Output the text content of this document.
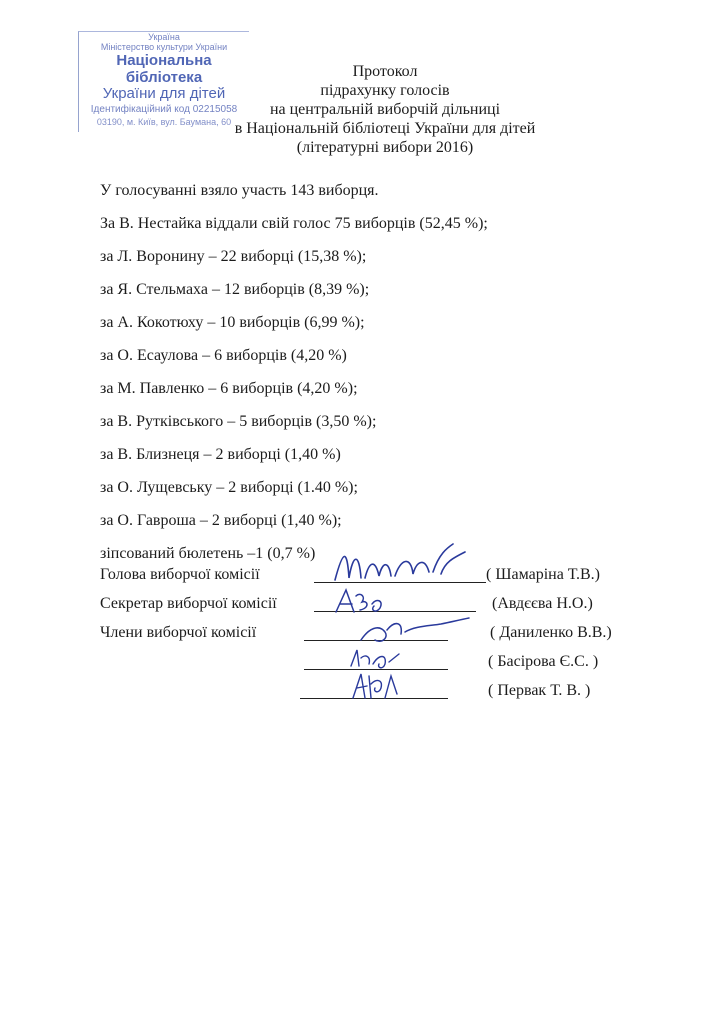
Україна
Міністерство культури України
Національна бібліотека
України для дітей
Ідентифікаційний код 02215058
03190, м. Київ, вул. Баумана, 60
Протокол
підрахунку голосів
на центральній виборчій дільниці
в Національній бібліотеці України для дітей
(літературні вибори 2016)
У голосуванні взяло участь 143 виборця.
За В. Нестайка віддали свій голос 75 виборців (52,45 %);
за Л. Воронину – 22 виборці (15,38 %);
за Я. Стельмаха – 12 виборців (8,39 %);
за А. Кокотюху – 10 виборців (6,99 %);
за О. Есаулова – 6 виборців (4,20 %)
за М. Павленко – 6 виборців (4,20 %);
за В. Рутківського – 5 виборців (3,50 %);
за В. Близнеця – 2 виборці (1,40 %)
за О. Лущевську – 2 виборці (1.40 %);
за О. Гавроша – 2 виборці (1,40 %);
зіпсований бюлетень –1 (0,7 %)
Голова виборчої комісії	( Шамаріна Т.В.)
Секретар виборчої комісії	(Авдєєва Н.О.)
Члени виборчої комісії	( Даниленко В.В.)
( Басірова Є.С. )
( Первак Т. В. )
